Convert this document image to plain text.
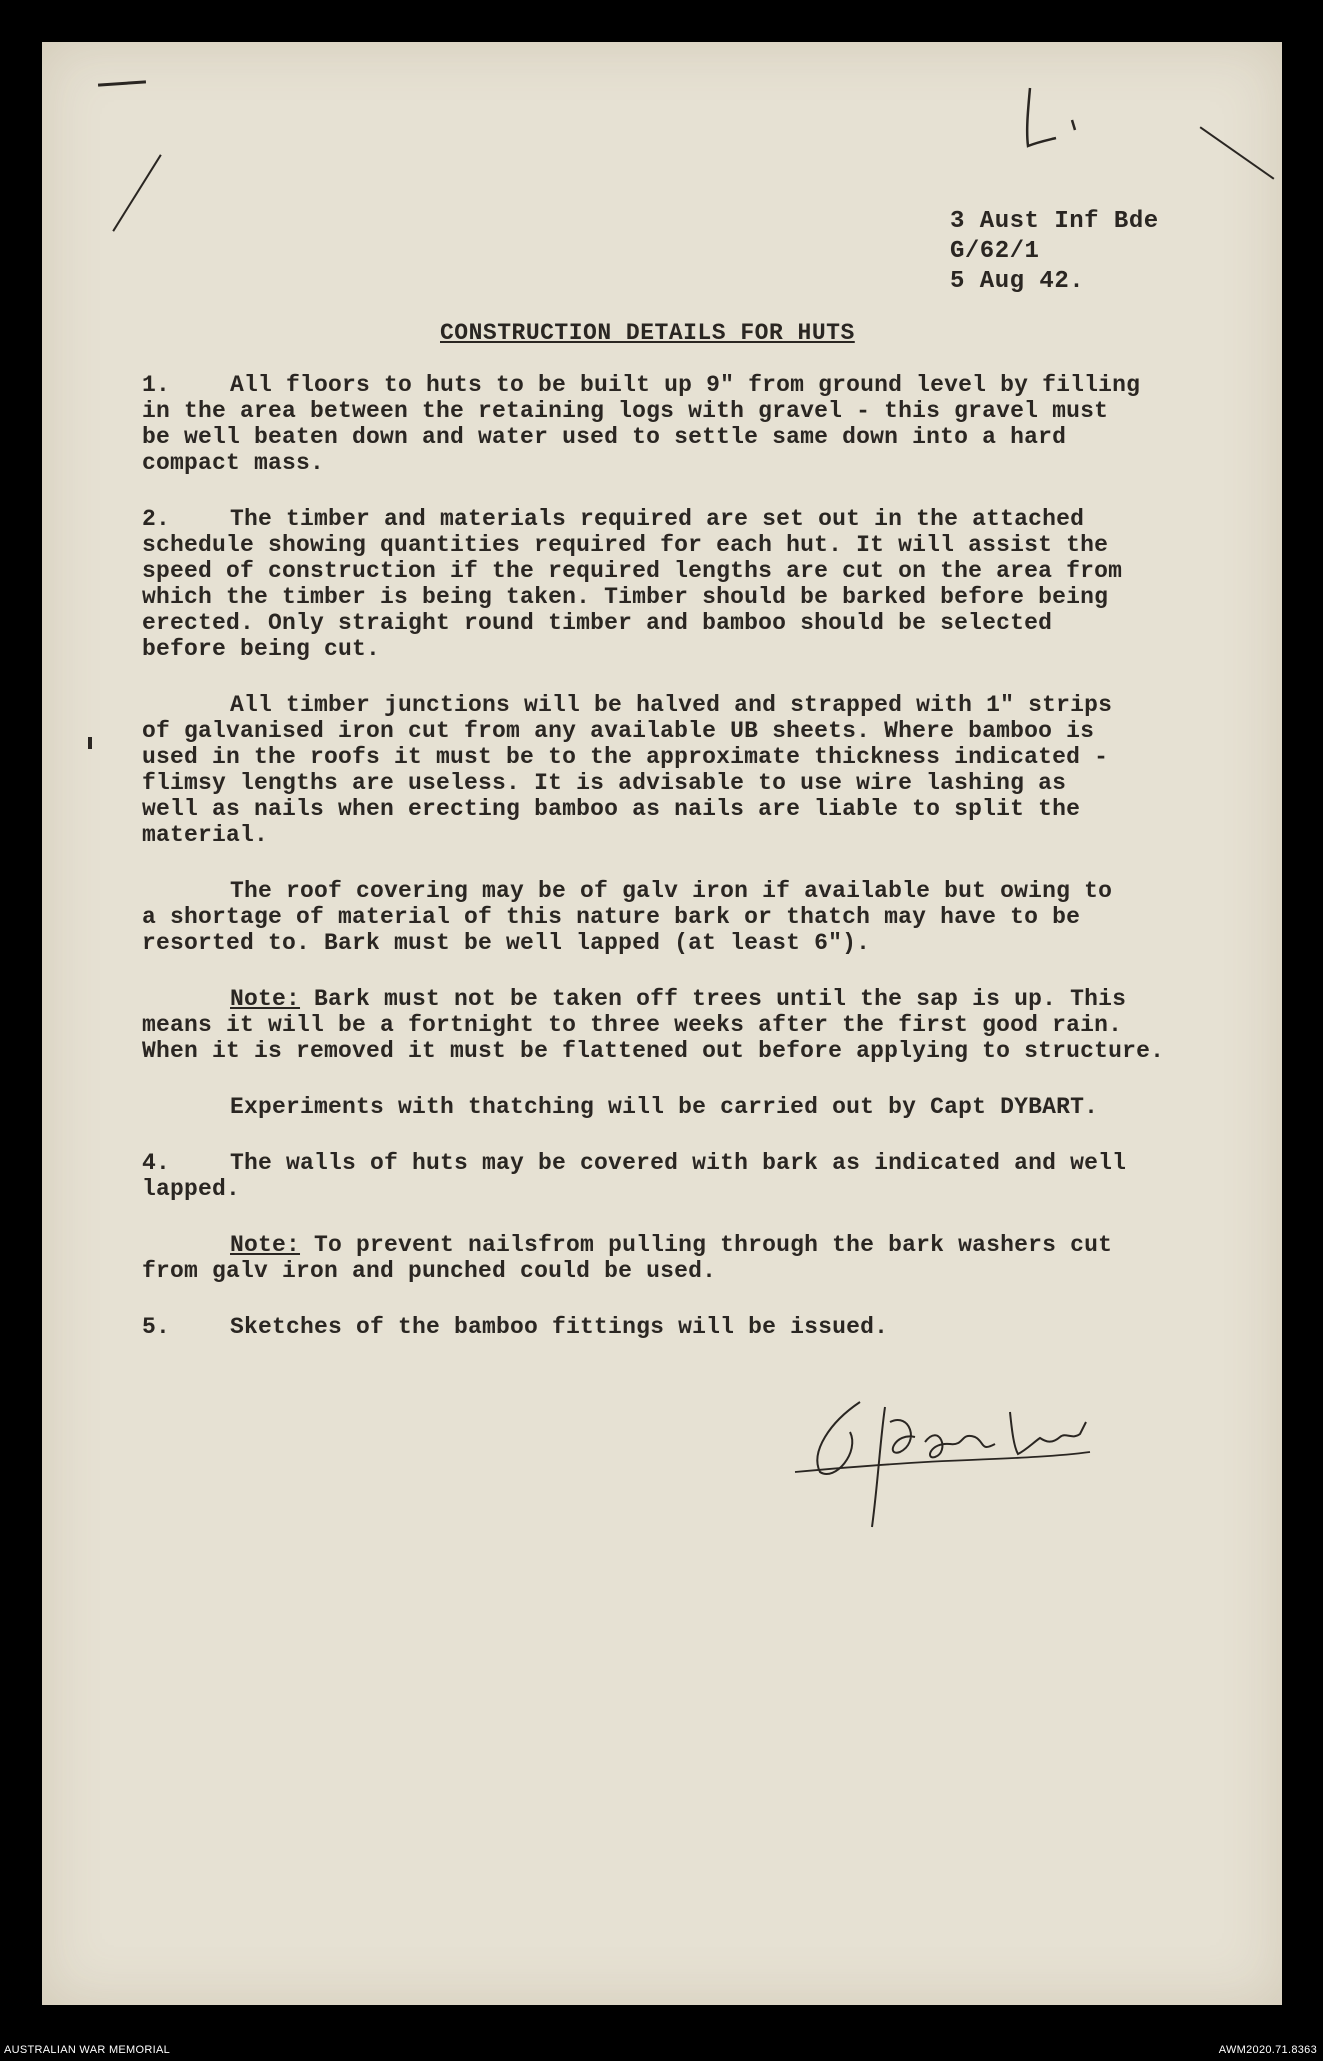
3 Aust Inf Bde
G/62/1
5 Aug 42.
CONSTRUCTION DETAILS FOR HUTS
1.	All floors to huts to be built up 9" from ground level by filling
in the area between the retaining logs with gravel - this gravel must
be well beaten down and water used to settle same down into a hard
compact mass.
2.	The timber and materials required are set out in the attached
schedule showing quantities required for each hut. It will assist the
speed of construction if the required lengths are cut on the area from
which the timber is being taken. Timber should be barked before being
erected. Only straight round timber and bamboo should be selected
before being cut.
All timber junctions will be halved and strapped with 1" strips
of galvanised iron cut from any available UB sheets. Where bamboo is
used in the roofs it must be to the approximate thickness indicated -
flimsy lengths are useless. It is advisable to use wire lashing as
well as nails when erecting bamboo as nails are liable to split the
material.
The roof covering may be of galv iron if available but owing to
a shortage of material of this nature bark or thatch may have to be
resorted to. Bark must be well lapped (at least 6").
Note: Bark must not be taken off trees until the sap is up. This
means it will be a fortnight to three weeks after the first good rain.
When it is removed it must be flattened out before applying to structure.
Experiments with thatching will be carried out by Capt DYBART.
4.	The walls of huts may be covered with bark as indicated and well
lapped.
Note: To prevent nailsfrom pulling through the bark washers cut
from galv iron and punched could be used.
5.	Sketches of the bamboo fittings will be issued.
AUSTRALIAN WAR MEMORIAL	AWM2020.71.8363
